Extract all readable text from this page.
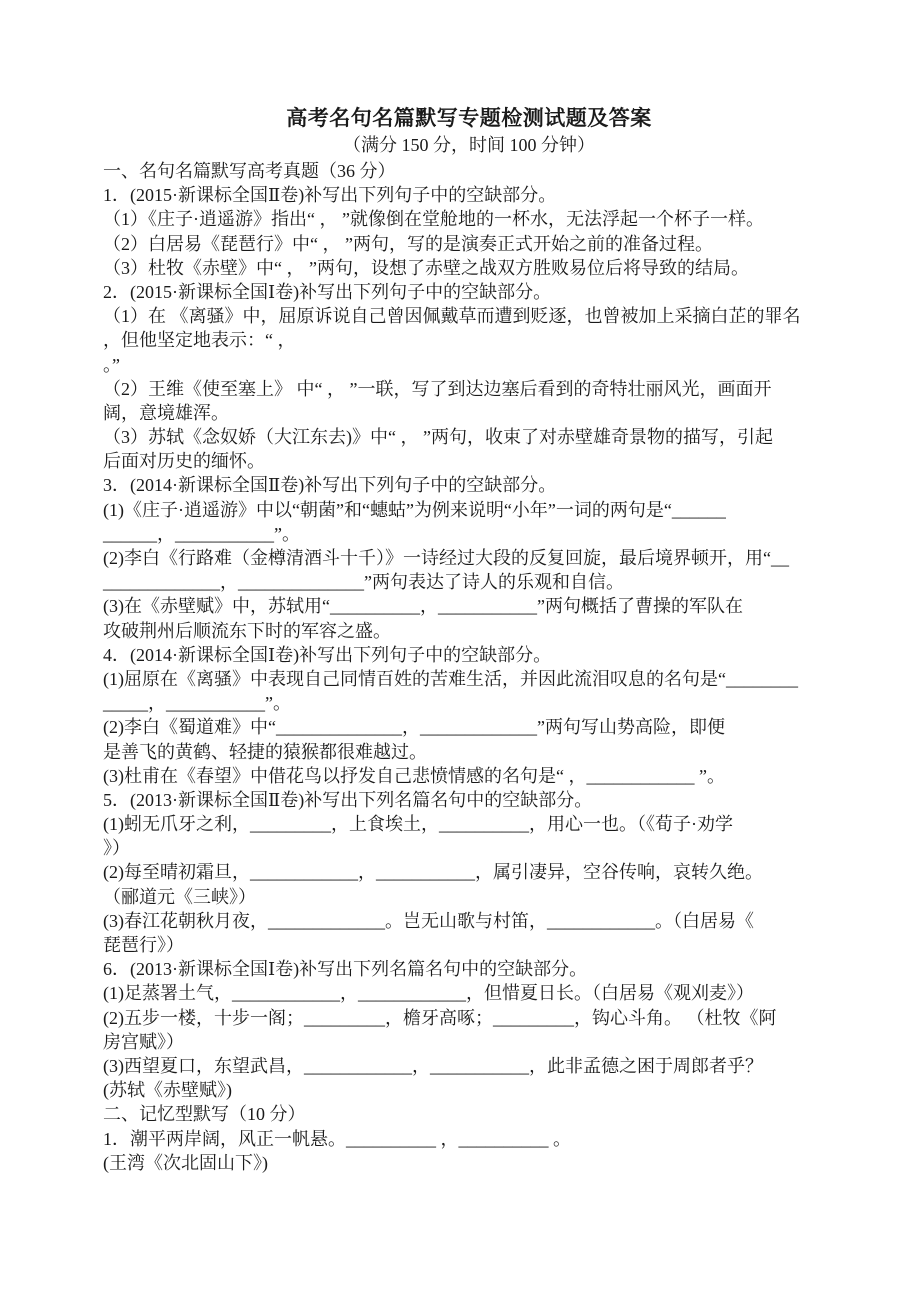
高考名句名篇默写专题检测试题及答案
（满分 150 分，时间 100 分钟）
一、名句名篇默写高考真题（36 分）
1．(2015·新课标全国Ⅱ卷)补写出下列句子中的空缺部分。
（1）《庄子·逍遥游》指出“ ， ”就像倒在堂舱地的一杯水，无法浮起一个杯子一样。
（2）白居易《琵琶行》中“ ， ”两句，写的是演奏正式开始之前的准备过程。
（3）杜牧《赤壁》中“ ， ”两句，设想了赤壁之战双方胜败易位后将导致的结局。
2．(2015·新课标全国Ⅰ卷)补写出下列句子中的空缺部分。
（1）在 《离骚》中，屈原诉说自己曾因佩戴草而遭到贬逐，也曾被加上采摘白芷的罪名
，但他坚定地表示：“ ，
。”
（2）王维《使至塞上》 中“ ， ”一联，写了到达边塞后看到的奇特壮丽风光，画面开
阔，意境雄浑。
（3）苏轼《念奴娇（大江东去)》中“ ， ”两句，收束了对赤壁雄奇景物的描写，引起
后面对历史的缅怀。
3．(2014·新课标全国Ⅱ卷)补写出下列句子中的空缺部分。
(1)《庄子·逍遥游》中以“朝菌”和“蟪蛄”为例来说明“小年”一词的两句是“______
______，___________”。
(2)李白《行路难（金樽清酒斗十千）》一诗经过大段的反复回旋，最后境界顿开，用“__
_____________，______________”两句表达了诗人的乐观和自信。
(3)在《赤壁赋》中，苏轼用“__________，___________”两句概括了曹操的军队在
攻破荆州后顺流东下时的军容之盛。
4．(2014·新课标全国Ⅰ卷)补写出下列句子中的空缺部分。
(1)屈原在《离骚》中表现自己同情百姓的苦难生活，并因此流泪叹息的名句是“________
_____，___________”。
(2)李白《蜀道难》中“______________，_____________”两句写山势高险，即便
是善飞的黄鹤、轻捷的猿猴都很难越过。
(3)杜甫在《春望》中借花鸟以抒发自己悲愤情感的名句是“ ，____________ ”。
5．(2013·新课标全国Ⅱ卷)补写出下列名篇名句中的空缺部分。
(1)蚓无爪牙之利，_________，上食埃土，__________，用心一也。（《荀子·劝学
》）
(2)每至晴初霜旦，____________，___________，属引凄异，空谷传响，哀转久绝。
（郦道元《三峡》）
(3)春江花朝秋月夜，_____________。岂无山歌与村笛，____________。（白居易《
琵琶行》）
6．(2013·新课标全国Ⅰ卷)补写出下列名篇名句中的空缺部分。
(1)足蒸署土气，____________，____________，但惜夏日长。（白居易《观刈麦》）
(2)五步一楼，十步一阁；_________，檐牙高啄；_________，钩心斗角。 （杜牧《阿
房宫赋》）
(3)西望夏口，东望武昌，____________，___________，此非孟德之困于周郎者乎？
(苏轼《赤壁赋》)
二、记忆型默写（10 分）
1．潮平两岸阔，风正一帆悬。__________ ，__________ 。
(王湾《次北固山下》)
